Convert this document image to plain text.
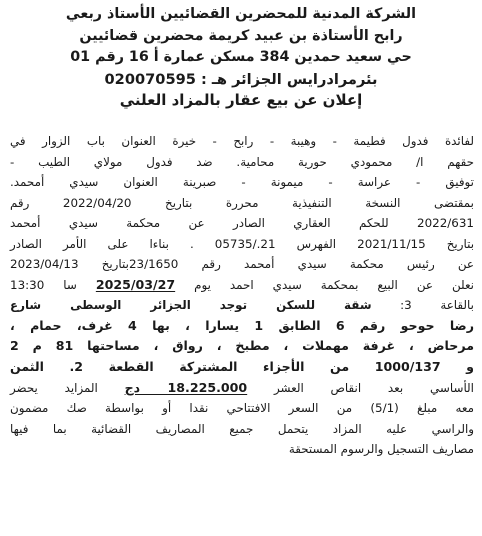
الشركة المدنية للمحضرين القضائيين الأستاذ ربعي
رابح الأستاذة بن عبيد كريمة محضرين قضائيين
حي سعيد حمدين 384 مسكن عمارة أ 16 رقم 01
بئرمرادرايس الجزائر هـ : 020070595
إعلان عن بيع عقار بالمزاد العلني
لفائدة فدول فطيمة - وهيبة - رابح - خيرة العنوان باب الزوار في
حقهم ا/ محمودي حورية محامية. ضد فدول مولاي الطيب -
توفيق - عراسة - ميمونة - صبرينة العنوان سيدي أمحمد.
بمقتضى النسخة التنفيذية محررة بتاريخ 2022/04/20 رقم
2022/631 للحكم العقاري الصادر عن محكمة سيدي أمحمد
بتاريخ 2021/11/15 الفهرس 21./05735 . بناءا على الأمر الصادر
عن رئيس محكمة سيدي أمحمد رقم 23/1650بتاريخ 2023/04/13
نعلن عن البيع بمحكمة سيدي احمد يوم 2025/03/27 سا 13:30
بالقاعة 3: شقة للسكن توجد الجزائر الوسطى شارع
رضا حوحو رقم 6 الطابق 1 يسارا ، بها 4 غرف، حمام ،
مرحاض ، غرفة مهملات ، مطبخ ، رواق ، مساحتها 81 م 2
و 1000/137 من الأجزاء المشتركة القطعة 2. الثمن
الأساسي بعد انقاص العشر 18.225.000 دج المزايد يحضر
معه مبلغ (5/1) من السعر الافتتاحي نقدا أو بواسطة صك مضمون
والراسي عليه المزاد يتحمل جميع المصاريف القضائية بما فيها
مصاريف التسجيل والرسوم المستحقة
